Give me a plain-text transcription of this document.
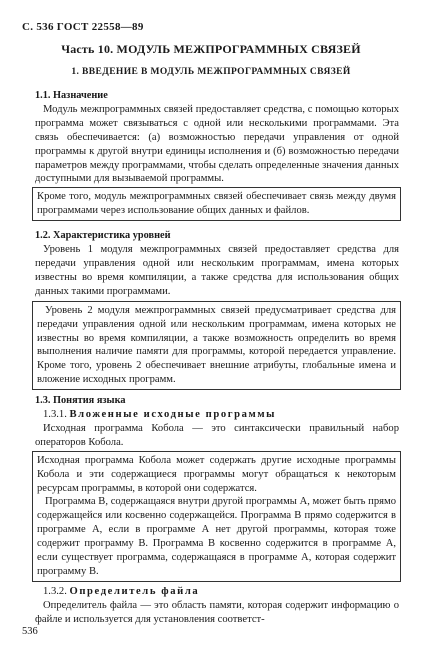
С. 536 ГОСТ 22558—89
Часть 10. МОДУЛЬ МЕЖПРОГРАММНЫХ СВЯЗЕЙ
1. ВВЕДЕНИЕ В МОДУЛЬ МЕЖПРОГРАММНЫХ СВЯЗЕЙ

1.1. Назначение

Модуль межпрограммных связей предоставляет средства, с помощью которых программа может связываться с одной или несколькими программами. Эта связь обеспечивается: (а) возможностью передачи управления от одной программы к другой внутри единицы исполнения и (б) возможностью передачи параметров между программами, чтобы сделать определенные значения данных доступными для вызываемой программы.

Кроме того, модуль межпрограммных связей обеспечивает связь между двумя программами через использование общих данных и файлов.

1.2. Характеристика уровней

Уровень 1 модуля межпрограммных связей предоставляет средства для передачи управления одной или нескольким программам, имена которых известны во время компиляции, а также средства для использования общих данных такими программами.

Уровень 2 модуля межпрограммных связей предусматривает средства для передачи управления одной или нескольким программам, имена которых не известны во время компиляции, а также возможность определить во время выполнения наличие памяти для программы, которой передается управление. Кроме того, уровень 2 обеспечивает внешние атрибуты, глобальные имена и вложение исходных программ.

1.3. Понятия языка

1.3.1. Вложенные исходные программы

Исходная программа Кобола — это синтаксически правильный набор операторов Кобола.

Исходная программа Кобола может содержать другие исходные программы Кобола и эти содержащиеся программы могут обращаться к некоторым ресурсам программы, в которой они содержатся.

Программа В, содержащаяся внутри другой программы А, может быть прямо содержащейся или косвенно содержащейся. Программа В прямо содержится в программе А, если в программе А нет другой программы, которая тоже содержит программу В. Программа В косвенно содержится в программе А, если существует программа, содержащаяся в программе А, которая содержит программу В.

1.3.2. Определитель файла

Определитель файла — это область памяти, которая содержит информацию о файле и используется для установления соответст-

536
